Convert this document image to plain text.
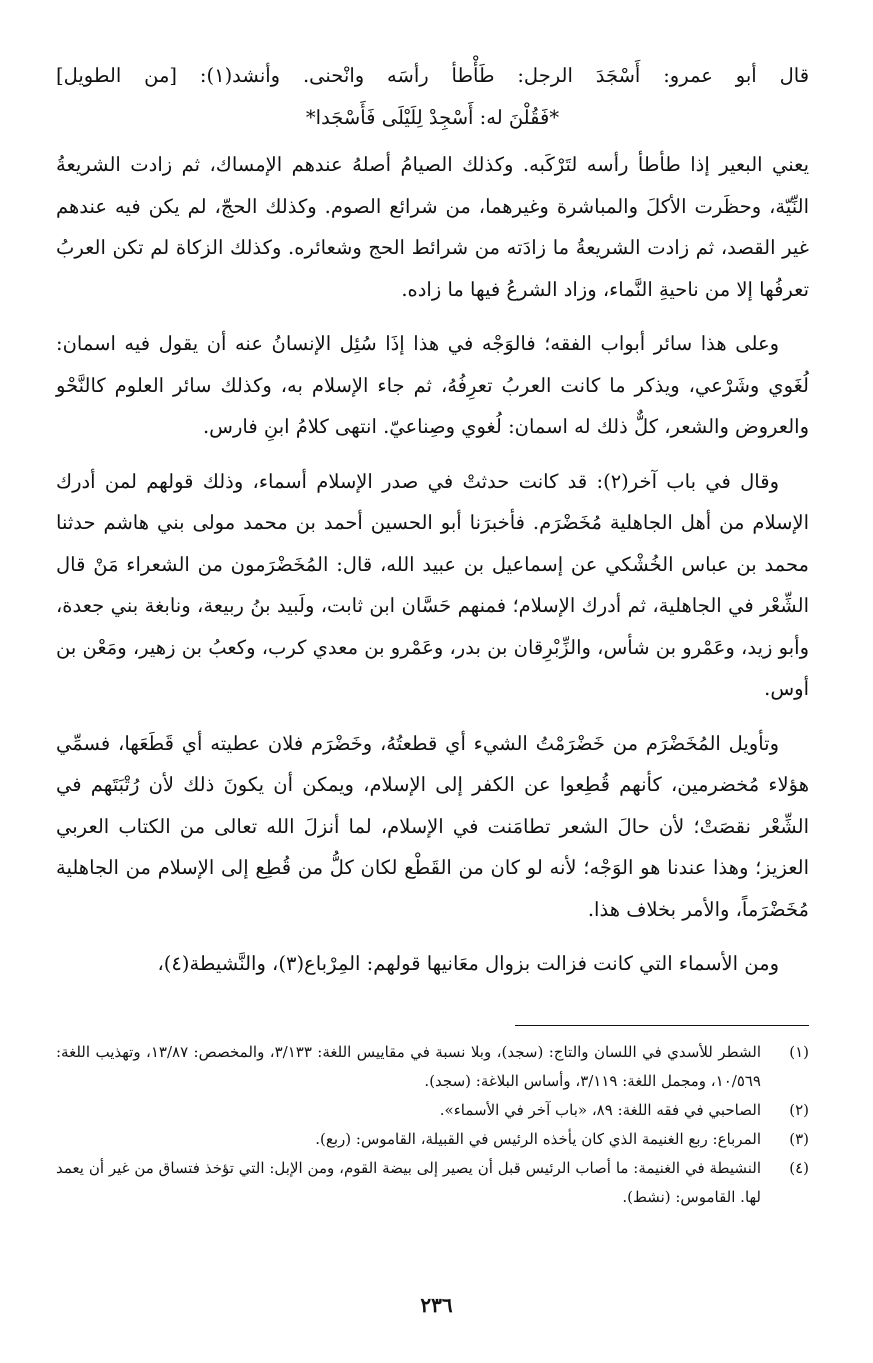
قال أبو عمرو: أَسْجَدَ الرجل: طَأْطأ رأسَه وانْحنى. وأنشد(١): [من الطويل]
*فَقُلْنَ له: أَسْجِدْ لِلَيْلَى فَأَسْجَدا*

يعني البعير إذا طأطأ رأسه لتَرْكَبه. وكذلك الصيامُ أصلهُ عندهم الإمساك، ثم زادت الشريعةُ النِّيّة، وحظَرت الأكلَ والمباشرة وغيرهما، من شرائع الصوم. وكذلك الحجّ، لم يكن فيه عندهم غير القصد، ثم زادت الشريعةُ ما زادَته من شرائط الحج وشعائره. وكذلك الزكاة لم تكن العربُ تعرفُها إلا من ناحيةِ النَّماء، وزاد الشرعُ فيها ما زاده.

وعلى هذا سائر أبواب الفقه؛ فالوَجْه في هذا إذَا سُئِل الإنسانُ عنه أن يقول فيه اسمان: لُغَوي وشَرْعي، ويذكر ما كانت العربُ تعرِفُهُ، ثم جاء الإسلام به، وكذلك سائر العلوم كالنَّحْو والعروض والشعر، كلٌّ ذلك له اسمان: لُغوي وصِناعيّ. انتهى كلامُ ابنِ فارس.

وقال في باب آخر(٢): قد كانت حدثتْ في صدر الإسلام أسماء، وذلك قولهم لمن أدرك الإسلام من أهل الجاهلية مُخَضْرَم. فأخبرَنا أبو الحسين أحمد بن محمد مولى بني هاشم حدثنا محمد بن عباس الخُشْكي عن إسماعيل بن عبيد الله، قال: المُخَضْرَمون من الشعراء مَنْ قال الشِّعْر في الجاهلية، ثم أدرك الإسلام؛ فمنهم حَسَّان ابن ثابت، ولَبيد بنُ ربيعة، ونابغة بني جعدة، وأبو زيد، وعَمْرو بن شأس، والزِّبْرِقان بن بدر، وعَمْرو بن معدي كرب، وكعبُ بن زهير، ومَعْن بن أوس.

وتأويل المُخَضْرَم من خَضْرَمْتُ الشيء أي قطعتُهُ، وخَضْرَم فلان عطيته أي قَطَعَها، فسمِّي هؤلاء مُخضرمين، كأنهم قُطِعوا عن الكفر إلى الإسلام، ويمكن أن يكونَ ذلك لأن رُتْبَتَهم في الشِّعْر نقصَتْ؛ لأن حالَ الشعر تطامَنت في الإسلام، لما أنزلَ الله تعالى من الكتاب العربي العزيز؛ وهذا عندنا هو الوَجْه؛ لأنه لو كان من القَطْع لكان كلُّ من قُطِع إلى الإسلام من الجاهلية مُخَضْرَماً، والأمر بخلاف هذا.

ومن الأسماء التي كانت فزالت بزوال معَانيها قولهم: المِرْباع(٣)، والنَّشيطة(٤)،

(١)الشطر للأسدي في اللسان والتاج: (سجد)، وبلا نسبة في مقاييس اللغة: ٣/١٣٣، والمخصص: ١٣/٨٧، وتهذيب اللغة: ١٠/٥٦٩، ومجمل اللغة: ٣/١١٩، وأساس البلاغة: (سجد).

(٢)الصاحبي في فقه اللغة: ٨٩، «باب آخر في الأسماء».

(٣)المرباع: ربع الغنيمة الذي كان يأخذه الرئيس في القبيلة، القاموس: (ربع).

(٤)النشيطة في الغنيمة: ما أصاب الرئيس قبل أن يصير إلى بيضة القوم، ومن الإبل: التي تؤخذ فتساق من غير أن يعمد لها. القاموس: (نشط).

٢٣٦
